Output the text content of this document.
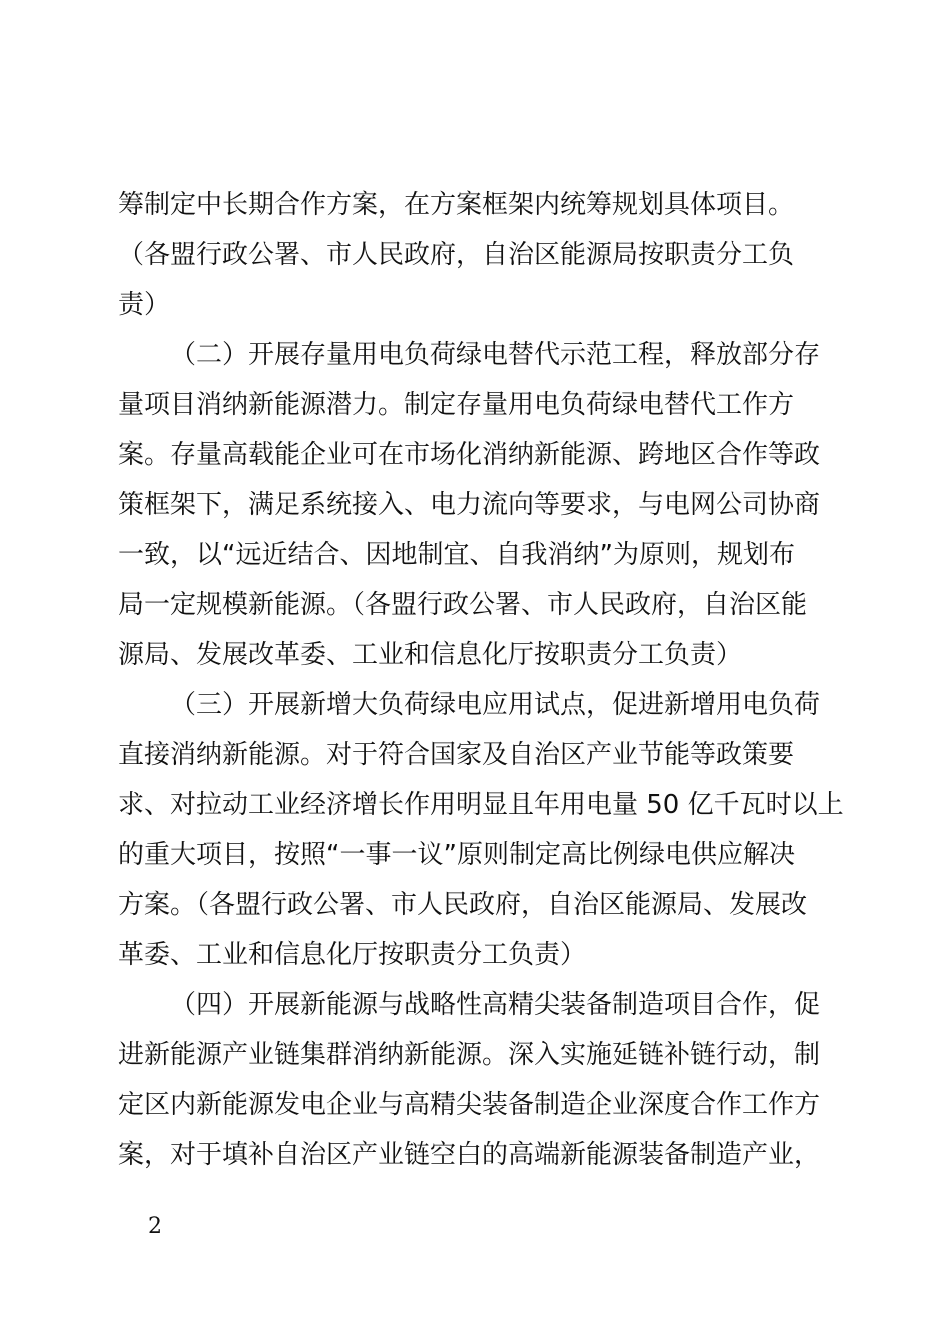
筹制定中长期合作方案，在方案框架内统筹规划具体项目。
（各盟行政公署、市人民政府，自治区能源局按职责分工负
责）
（二）开展存量用电负荷绿电替代示范工程，释放部分存
量项目消纳新能源潜力。制定存量用电负荷绿电替代工作方
案。存量高载能企业可在市场化消纳新能源、跨地区合作等政
策框架下，满足系统接入、电力流向等要求，与电网公司协商
一致，以“远近结合、因地制宜、自我消纳”为原则，规划布
局一定规模新能源。（各盟行政公署、市人民政府，自治区能
源局、发展改革委、工业和信息化厅按职责分工负责）
（三）开展新增大负荷绿电应用试点，促进新增用电负荷
直接消纳新能源。对于符合国家及自治区产业节能等政策要
求、对拉动工业经济增长作用明显且年用电量 50 亿千瓦时以上
的重大项目，按照“一事一议”原则制定高比例绿电供应解决
方案。（各盟行政公署、市人民政府，自治区能源局、发展改
革委、工业和信息化厅按职责分工负责）
（四）开展新能源与战略性高精尖装备制造项目合作，促
进新能源产业链集群消纳新能源。深入实施延链补链行动，制
定区内新能源发电企业与高精尖装备制造企业深度合作工作方
案，对于填补自治区产业链空白的高端新能源装备制造产业，
2
